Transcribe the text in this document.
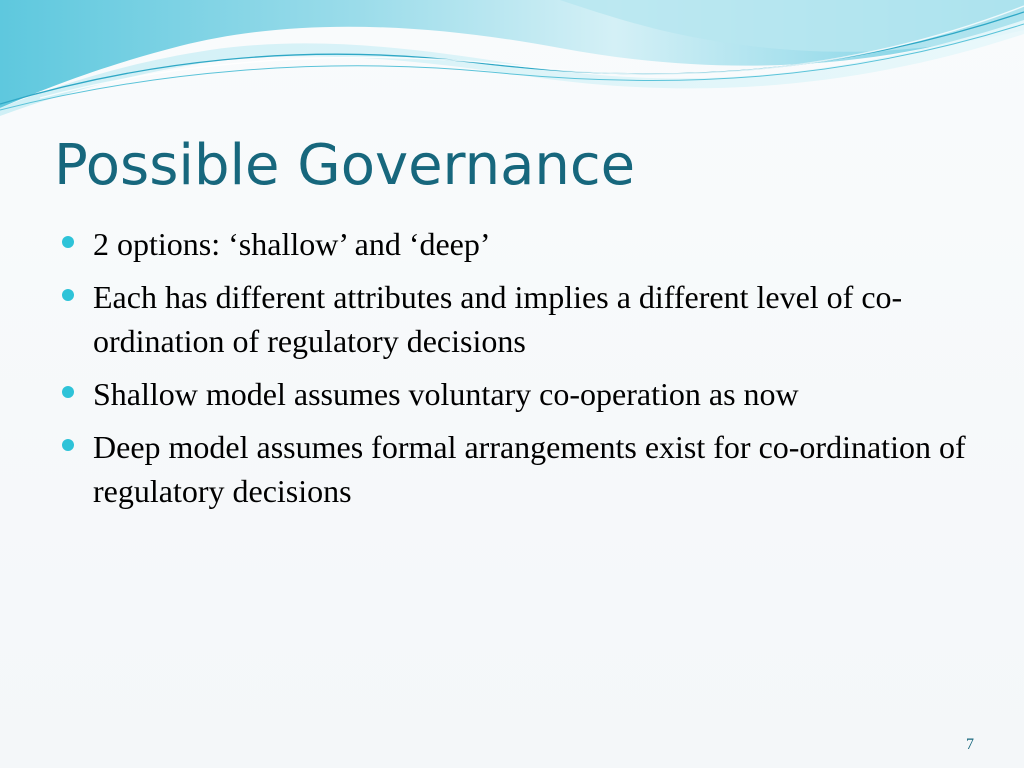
Possible Governance
2 options: ‘shallow’ and ‘deep’
Each has different attributes and implies a different level of co-ordination of regulatory decisions
Shallow model assumes voluntary co-operation as now
Deep model assumes formal arrangements exist for co-ordination of regulatory decisions
7
